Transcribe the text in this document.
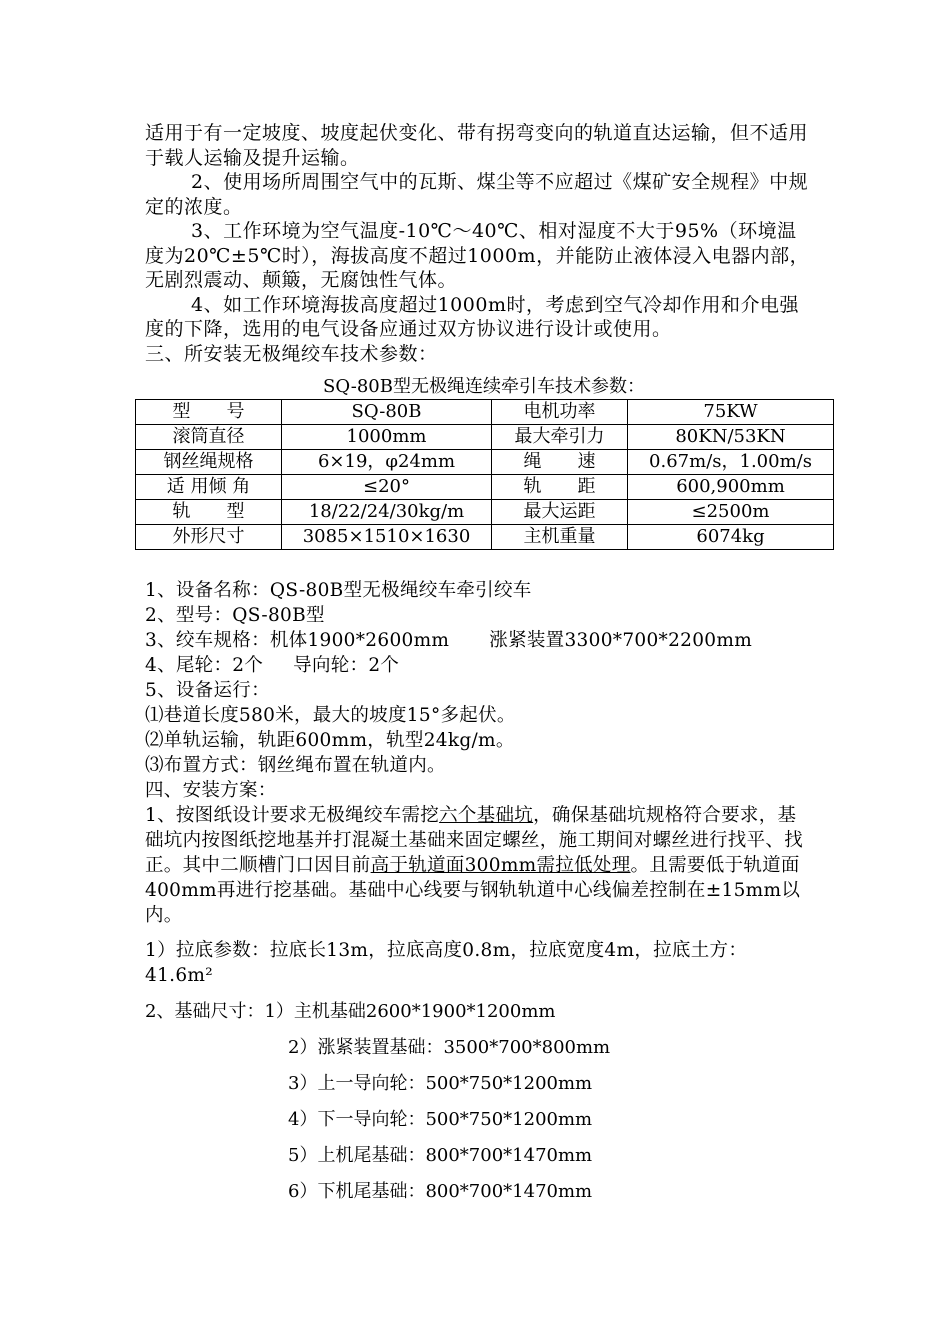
适用于有一定坡度、坡度起伏变化、带有拐弯变向的轨道直达运输，但不适用于载人运输及提升运输。

2、使用场所周围空气中的瓦斯、煤尘等不应超过《煤矿安全规程》中规定的浓度。

3、工作环境为空气温度-10℃～40℃、相对湿度不大于95%（环境温度为20℃±5℃时），海拔高度不超过1000m，并能防止液体浸入电器内部，无剧烈震动、颠簸，无腐蚀性气体。

4、如工作环境海拔高度超过1000m时，考虑到空气冷却作用和介电强度的下降，选用的电气设备应通过双方协议进行设计或使用。

三、所安装无极绳绞车技术参数：

SQ-80B型无极绳连续牵引车技术参数：
型　　号	SQ-80B	电机功率	75KW
滚筒直径	1000mm	最大牵引力	80KN/53KN
钢丝绳规格	6×19，φ24mm	绳　　速	0.67m/s，1.00m/s
适 用倾 角	≤20°	轨　　距	600,900mm
轨　　型	18/22/24/30kg/m	最大运距	≤2500m
外形尺寸	3085×1510×1630	主机重量	6074kg

1、设备名称：QS-80B型无极绳绞车牵引绞车

2、型号：QS-80B型

3、绞车规格：机体1900*2600mm 涨紧装置3300*700*2200mm

4、尾轮：2个 导向轮：2个

5、设备运行：

⑴巷道长度580米，最大的坡度15°多起伏。

⑵单轨运输，轨距600mm，轨型24kg/m。

⑶布置方式：钢丝绳布置在轨道内。

四、安装方案：

1、按图纸设计要求无极绳绞车需挖六个基础坑，确保基础坑规格符合要求，基础坑内按图纸挖地基并打混凝土基础来固定螺丝，施工期间对螺丝进行找平、找正。其中二顺槽门口因目前高于轨道面300mm需拉低处理。且需要低于轨道面400mm再进行挖基础。基础中心线要与钢轨轨道中心线偏差控制在±15mm以内。

1）拉底参数：拉底长13m，拉底高度0.8m，拉底宽度4m，拉底土方：41.6m²

2、基础尺寸：1）主机基础2600*1900*1200mm
2）涨紧装置基础：3500*700*800mm
3）上一导向轮：500*750*1200mm
4）下一导向轮：500*750*1200mm
5）上机尾基础：800*700*1470mm
6）下机尾基础：800*700*1470mm
